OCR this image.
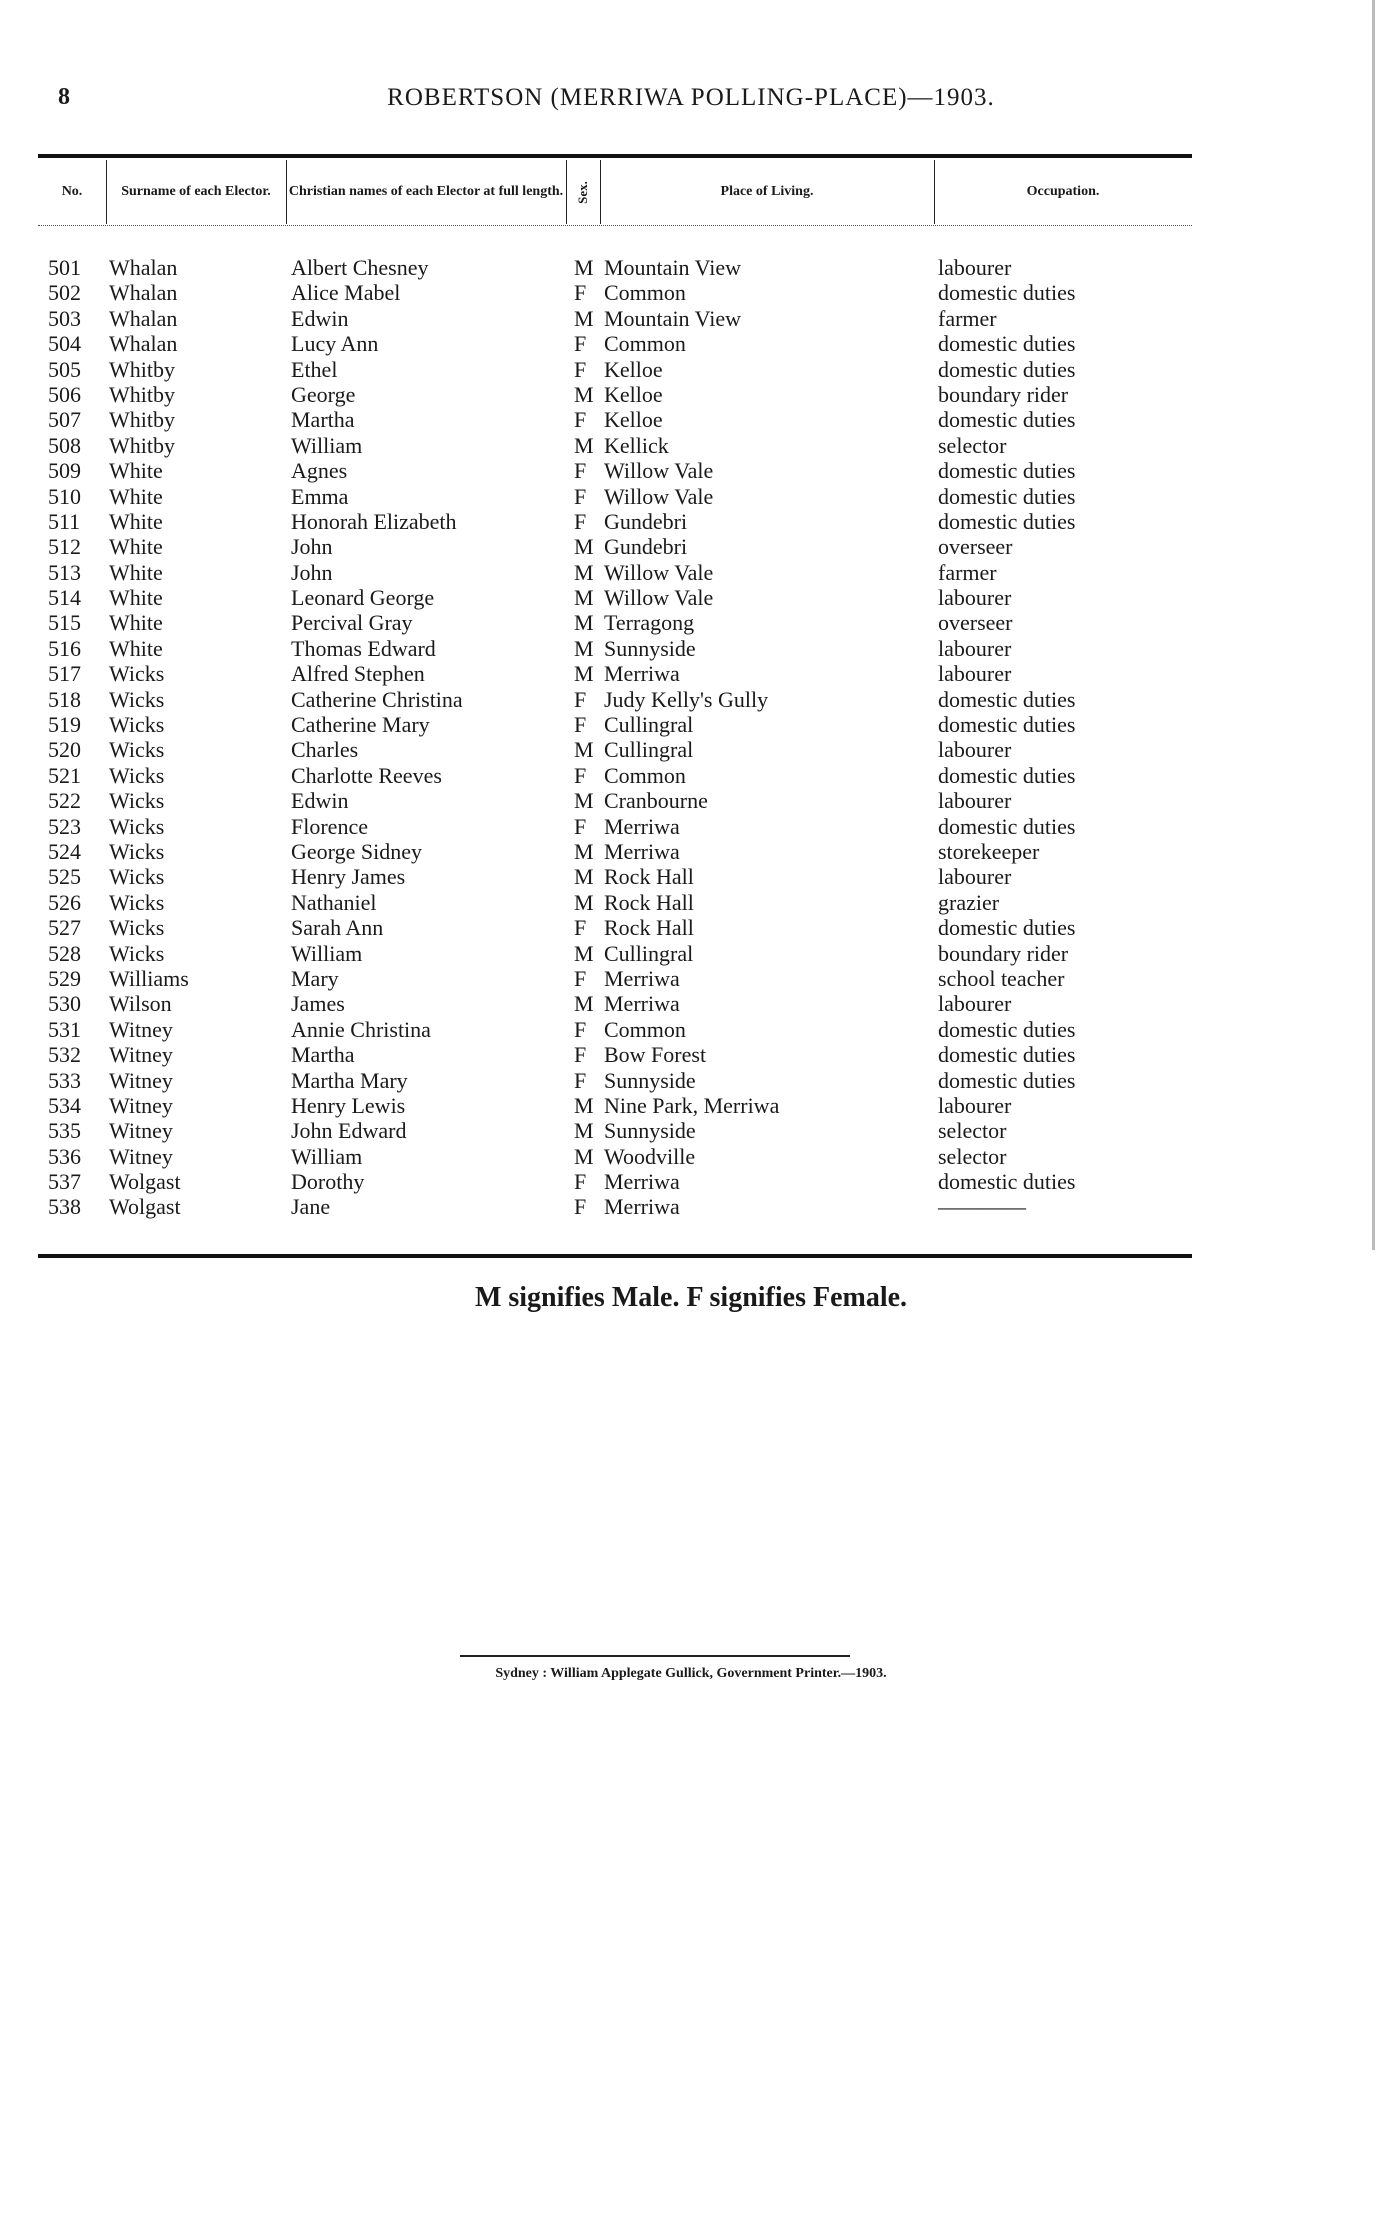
8	ROBERTSON (MERRIWA POLLING-PLACE)—1903.
No.	Surname of each Elector.	Christian names of each Elector at full length. Sex.	Place of Living.	Occupation.
501 Whalan	Albert Chesney	M Mountain View	labourer
502 Whalan	Alice Mabel	F Common	domestic duties
503 Whalan	Edwin	M Mountain View	farmer
504 Whalan	Lucy Ann	F Common	domestic duties
505 Whitby	Ethel	F Kelloe	domestic duties
506 Whitby	George	M Kelloe	boundary rider
507 Whitby	Martha	F Kelloe	domestic duties
508 Whitby	William	M Kellick	selector
509 White	Agnes	F Willow Vale	domestic duties
510 White	Emma	F Willow Vale	domestic duties
511 White	Honorah Elizabeth	F Gundebri	domestic duties
512 White	John	M Gundebri	overseer
513 White	John	M Willow Vale	farmer
514 White	Leonard George	M Willow Vale	labourer
515 White	Percival Gray	M Terragong	overseer
516 White	Thomas Edward	M Sunnyside	labourer
517 Wicks	Alfred Stephen	M Merriwa	labourer
518 Wicks	Catherine Christina	F Judy Kelly's Gully	domestic duties
519 Wicks	Catherine Mary	F Cullingral	domestic duties
520 Wicks	Charles	M Cullingral	labourer
521 Wicks	Charlotte Reeves	F Common	domestic duties
522 Wicks	Edwin	M Cranbourne	labourer
523 Wicks	Florence	F Merriwa	domestic duties
524 Wicks	George Sidney	M Merriwa	storekeeper
525 Wicks	Henry James	M Rock Hall	labourer
526 Wicks	Nathaniel	M Rock Hall	grazier
527 Wicks	Sarah Ann	F Rock Hall	domestic duties
528 Wicks	William	M Cullingral	boundary rider
529 Williams	Mary	F Merriwa	school teacher
530 Wilson	James	M Merriwa	labourer
531 Witney	Annie Christina	F Common	domestic duties
532 Witney	Martha	F Bow Forest	domestic duties
533 Witney	Martha Mary	F Sunnyside	domestic duties
534 Witney	Henry Lewis	M Nine Park, Merriwa	labourer
535 Witney	John Edward	M Sunnyside	selector
536 Witney	William	M Woodville	selector
537 Wolgast	Dorothy	F Merriwa	domestic duties
538 Wolgast	Jane	F Merriwa	————
M signifies Male. F signifies Female.
Sydney : William Applegate Gullick, Government Printer.—1903.
